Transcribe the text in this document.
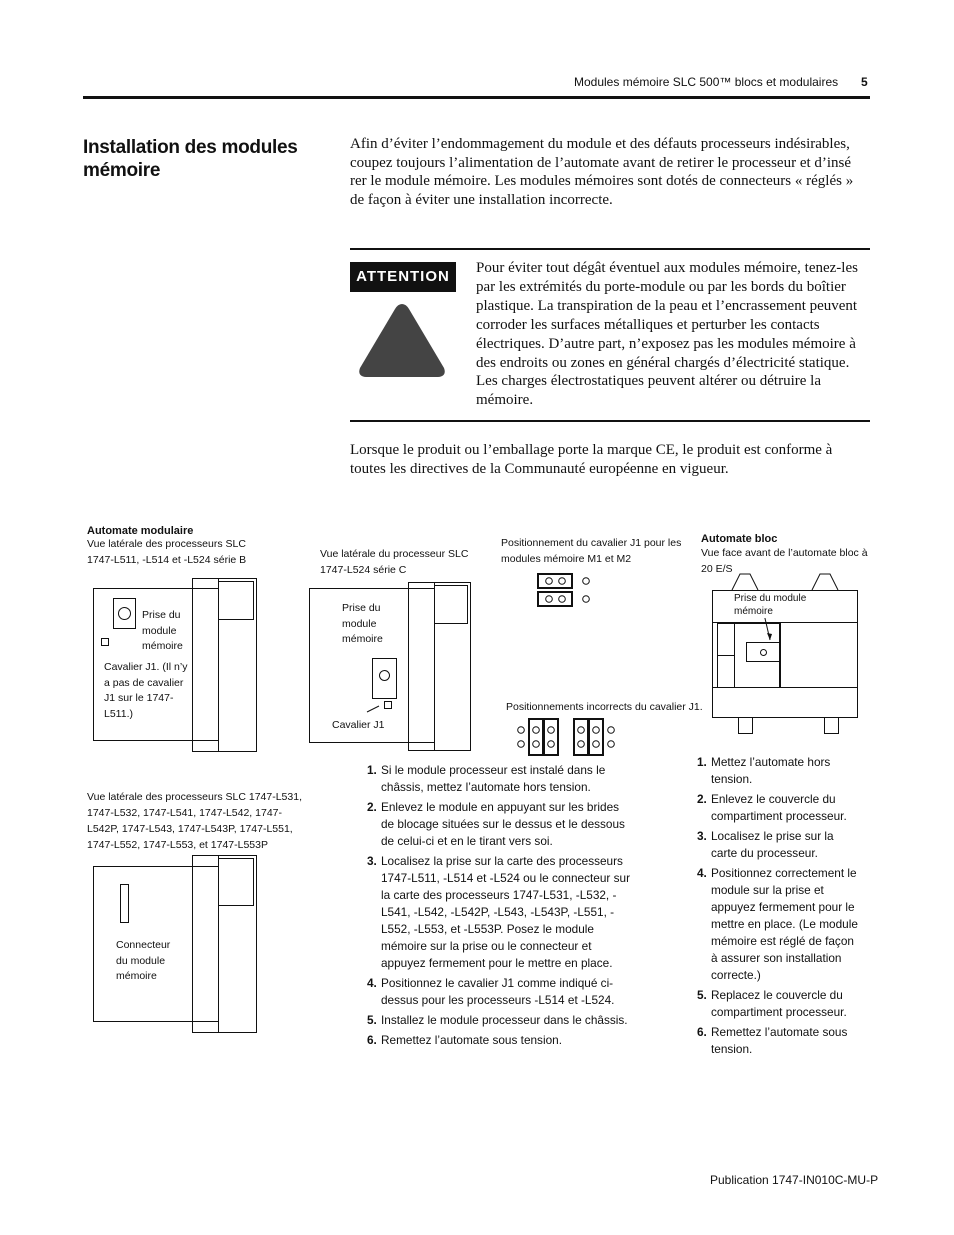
Modules mémoire SLC 500™ blocs et modulaires 5
Installation des modules mémoire
Afin d’éviter l’endommagement du module et des défauts processeurs indésirables, coupez toujours l’alimentation de l’automate avant de retirer le processeur et d’insé rer le module mémoire. Les modules mémoires sont dotés de connecteurs « réglés » de façon à éviter une installation incorrecte.
ATTENTION	Pour éviter tout dégât éventuel aux modules mémoire, tenez-les par les extrémités du porte-module ou par les bords du boîtier plastique. La transpiration de la peau et l’encrassement peuvent corroder les surfaces métalliques et perturber les contacts électriques. D’autre part, n’exposez pas les modules mémoire à des endroits ou zones en général chargés d’électricité statique. Les charges électrostatiques peuvent altérer ou détruire la mémoire.
Lorsque le produit ou l’emballage porte la marque CE, le produit est conforme à toutes les directives de la Communauté européenne en vigueur.
Automate modulaire
Vue latérale des processeurs SLC 1747-L511, -L514 et -L524 série B
Prise du module mémoire
Cavalier J1. (Il n’y a pas de cavalier J1 sur le 1747-L511.)
Vue latérale du processeur SLC 1747-L524 série C
Prise du module mémoire
Cavalier J1
Positionnement du cavalier J1 pour les modules mémoire M1 et M2
Positionnements incorrects du cavalier J1.
Automate bloc
Vue face avant de l’automate bloc à 20 E/S
Prise du module mémoire
Vue latérale des processeurs SLC 1747-L531, 1747-L532, 1747-L541, 1747-L542, 1747-L542P, 1747-L543, 1747-L543P, 1747-L551, 1747-L552, 1747-L553, et 1747-L553P
Connecteur du module mémoire
1. Si le module processeur est instalé dans le châssis, mettez l’automate hors tension.
2. Enlevez le module en appuyant sur les brides de blocage situées sur le dessus et le dessous de celui-ci et en le tirant vers soi.
3. Localisez la prise sur la carte des processeurs 1747-L511, -L514 et -L524 ou le connecteur sur la carte des processeurs 1747-L531, -L532, -L541, -L542, -L542P, -L543, -L543P, -L551, -L552, -L553, et -L553P. Posez le module mémoire sur la prise ou le connecteur et appuyez fermement pour le mettre en place.
4. Positionnez le cavalier J1 comme indiqué ci-dessus pour les processeurs -L514 et -L524.
5. Installez le module processeur dans le châssis.
6. Remettez l’automate sous tension.
1. Mettez l’automate hors tension.
2. Enlevez le couvercle du compartiment processeur.
3. Localisez le prise sur la carte du processeur.
4. Positionnez correctement le module sur la prise et appuyez fermement pour le mettre en place. (Le module mémoire est réglé de façon à assurer son installation correcte.)
5. Replacez le couvercle du compartiment processeur.
6. Remettez l’automate sous tension.
Publication 1747-IN010C-MU-P
